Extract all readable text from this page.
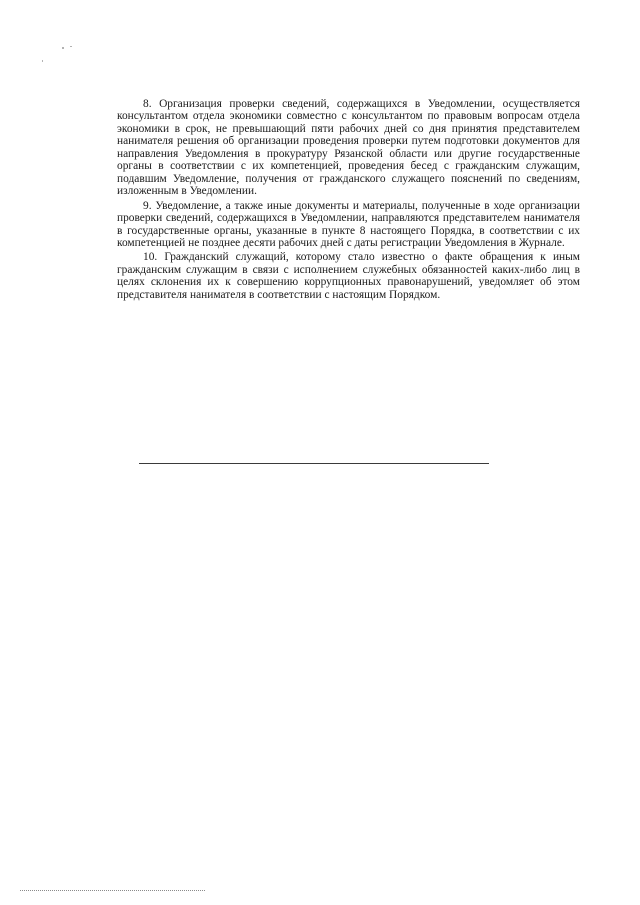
8. Организация проверки сведений, содержащихся в Уведомлении, осуществляется консультантом отдела экономики совместно с консультантом по правовым вопросам отдела экономики в срок, не превышающий пяти рабочих дней со дня принятия представителем нанимателя решения об организации проведения проверки путем подготовки документов для направления Уведомления в прокуратуру Рязанской области или другие государственные органы в соответствии с их компетенцией, проведения бесед с гражданским служащим, подавшим Уведомление, получения от гражданского служащего пояснений по сведениям, изложенным в Уведомлении.

9. Уведомление, а также иные документы и материалы, полученные в ходе организации проверки сведений, содержащихся в Уведомлении, направляются представителем нанимателя в государственные органы, указанные в пункте 8 настоящего Порядка, в соответствии с их компетенцией не позднее десяти рабочих дней с даты регистрации Уведомления в Журнале.

10. Гражданский служащий, которому стало известно о факте обращения к иным гражданским служащим в связи с исполнением служебных обязанностей каких-либо лиц в целях склонения их к совершению коррупционных правонарушений, уведомляет об этом представителя нанимателя в соответствии с настоящим Порядком.
